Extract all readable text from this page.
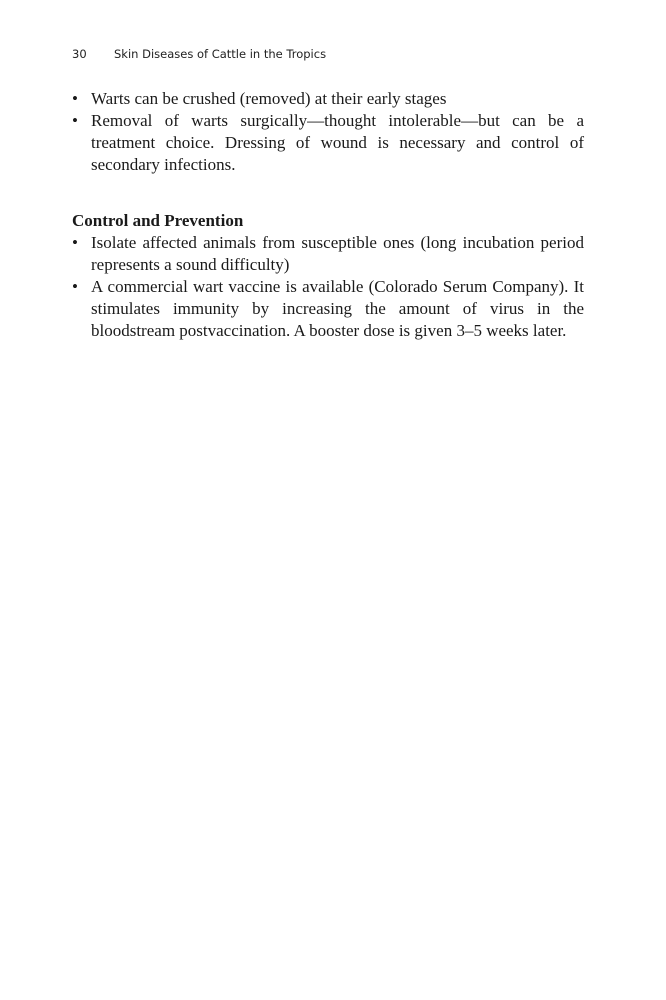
30	Skin Diseases of Cattle in the Tropics
• Warts can be crushed (removed) at their early stages
• Removal of warts surgically—thought intolerable—but can be a treatment choice. Dressing of wound is necessary and control of secondary infections.
Control and Prevention
• Isolate affected animals from susceptible ones (long incubation period represents a sound difficulty)
• A commercial wart vaccine is available (Colorado Serum Company). It stimulates immunity by increasing the amount of virus in the bloodstream postvaccination. A booster dose is given 3–5 weeks later.
